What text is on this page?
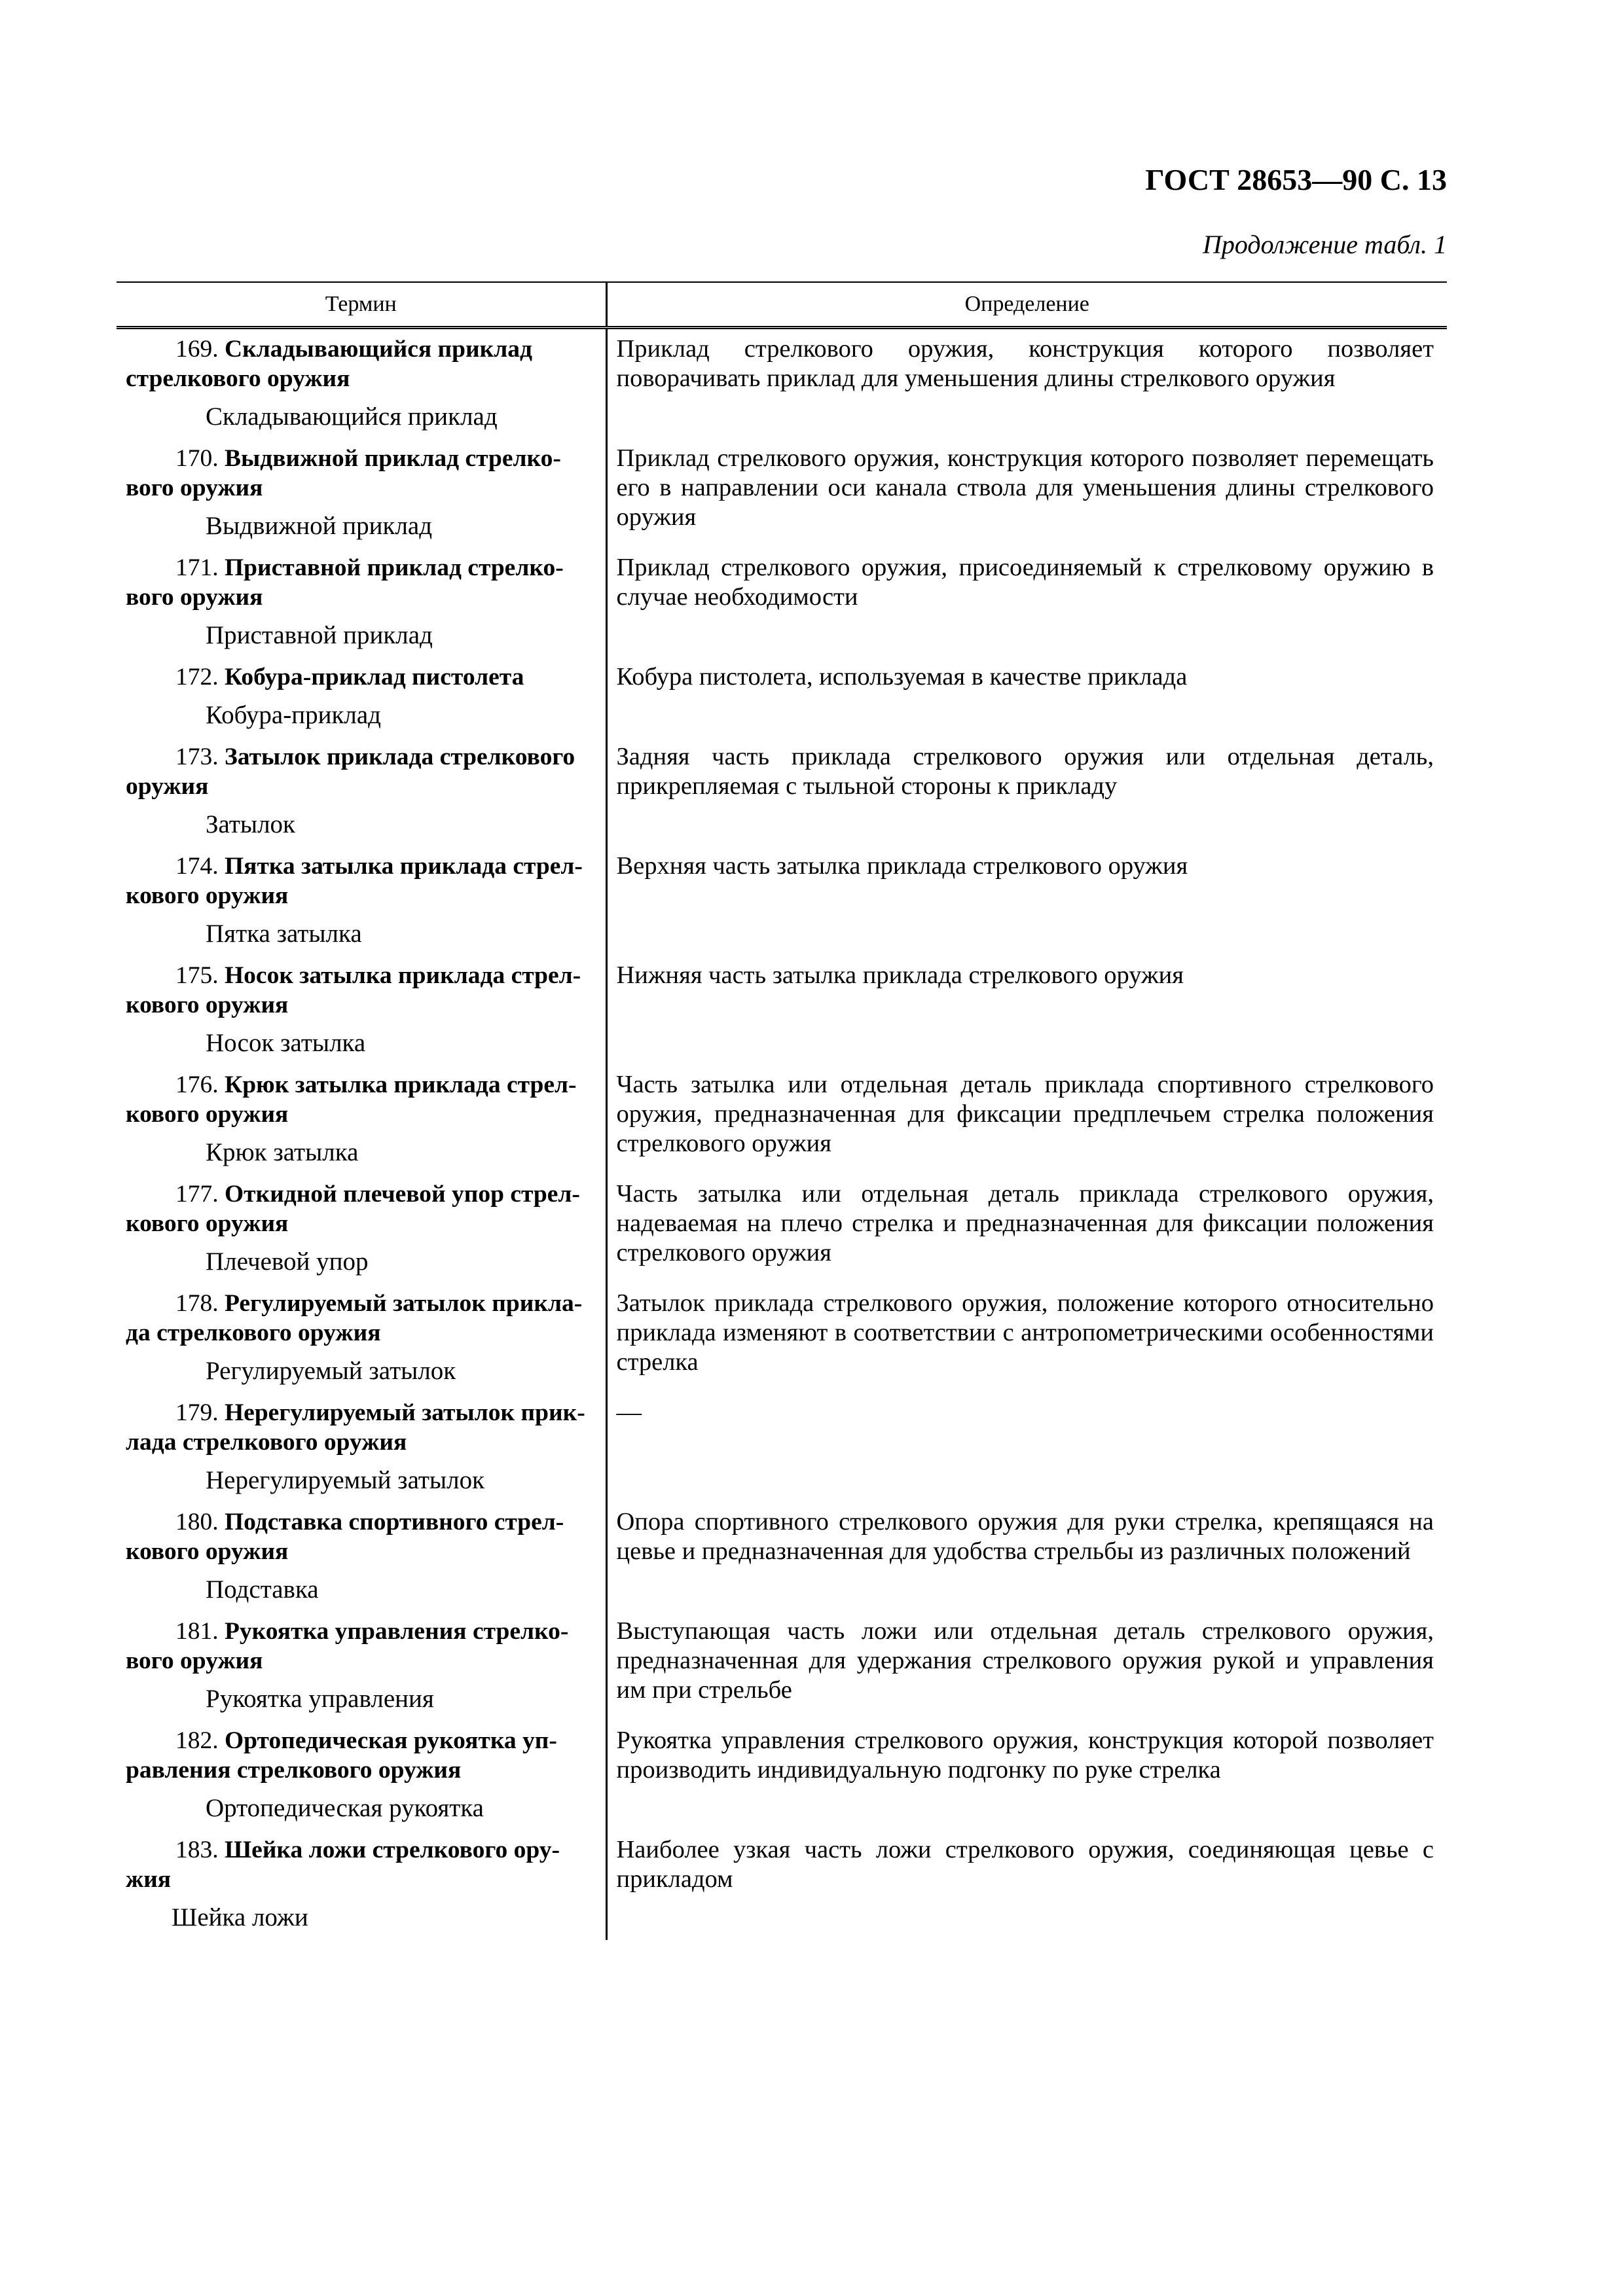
ГОСТ 28653—90 С. 13
Продолжение табл. 1
Термин	Определение

169. Складывающийся приклад
стрелкового оружия
Складывающийся приклад	Приклад стрелкового оружия, конструкция которого позволяет поворачивать приклад для уменьшения длины стрелкового оружия

170. Выдвижной приклад стрелко-
вого оружия
Выдвижной приклад	Приклад стрелкового оружия, конструкция которого позволяет перемещать его в направлении оси канала ствола для уменьшения длины стрелкового оружия

171. Приставной приклад стрелко-
вого оружия
Приставной приклад	Приклад стрелкового оружия, присоединяемый к стрелковому оружию в случае необходимости

172. Кобура-приклад пистолета
Кобура-приклад	Кобура пистолета, используемая в качестве приклада

173. Затылок приклада стрелкового
оружия
Затылок	Задняя часть приклада стрелкового оружия или отдельная деталь, прикрепляемая с тыльной стороны к прикладу

174. Пятка затылка приклада стрел-
кового оружия
Пятка затылка	Верхняя часть затылка приклада стрелкового оружия

175. Носок затылка приклада стрел-
кового оружия
Носок затылка	Нижняя часть затылка приклада стрелкового оружия

176. Крюк затылка приклада стрел-
кового оружия
Крюк затылка	Часть затылка или отдельная деталь приклада спортивного стрелкового оружия, предназначенная для фиксации предплечьем стрелка положения стрелкового оружия

177. Откидной плечевой упор стрел-
кового оружия
Плечевой упор	Часть затылка или отдельная деталь приклада стрелкового оружия, надеваемая на плечо стрелка и предназначенная для фиксации положения стрелкового оружия

178. Регулируемый затылок прикла-
да стрелкового оружия
Регулируемый затылок	Затылок приклада стрелкового оружия, положение которого относительно приклада изменяют в соответствии с антропометрическими особенностями стрелка

179. Нерегулируемый затылок прик-
лада стрелкового оружия
Нерегулируемый затылок	—

180. Подставка спортивного стрел-
кового оружия
Подставка	Опора спортивного стрелкового оружия для руки стрелка, крепящаяся на цевье и предназначенная для удобства стрельбы из различных положений

181. Рукоятка управления стрелко-
вого оружия
Рукоятка управления	Выступающая часть ложи или отдельная деталь стрелкового оружия, предназначенная для удержания стрелкового оружия рукой и управления им при стрельбе

182. Ортопедическая рукоятка уп-
равления стрелкового оружия
Ортопедическая рукоятка	Рукоятка управления стрелкового оружия, конструкция которой позволяет производить индивидуальную подгонку по руке стрелка

183. Шейка ложи стрелкового ору-
жия
Шейка ложи	Наиболее узкая часть ложи стрелкового оружия, соединяющая цевье с прикладом
